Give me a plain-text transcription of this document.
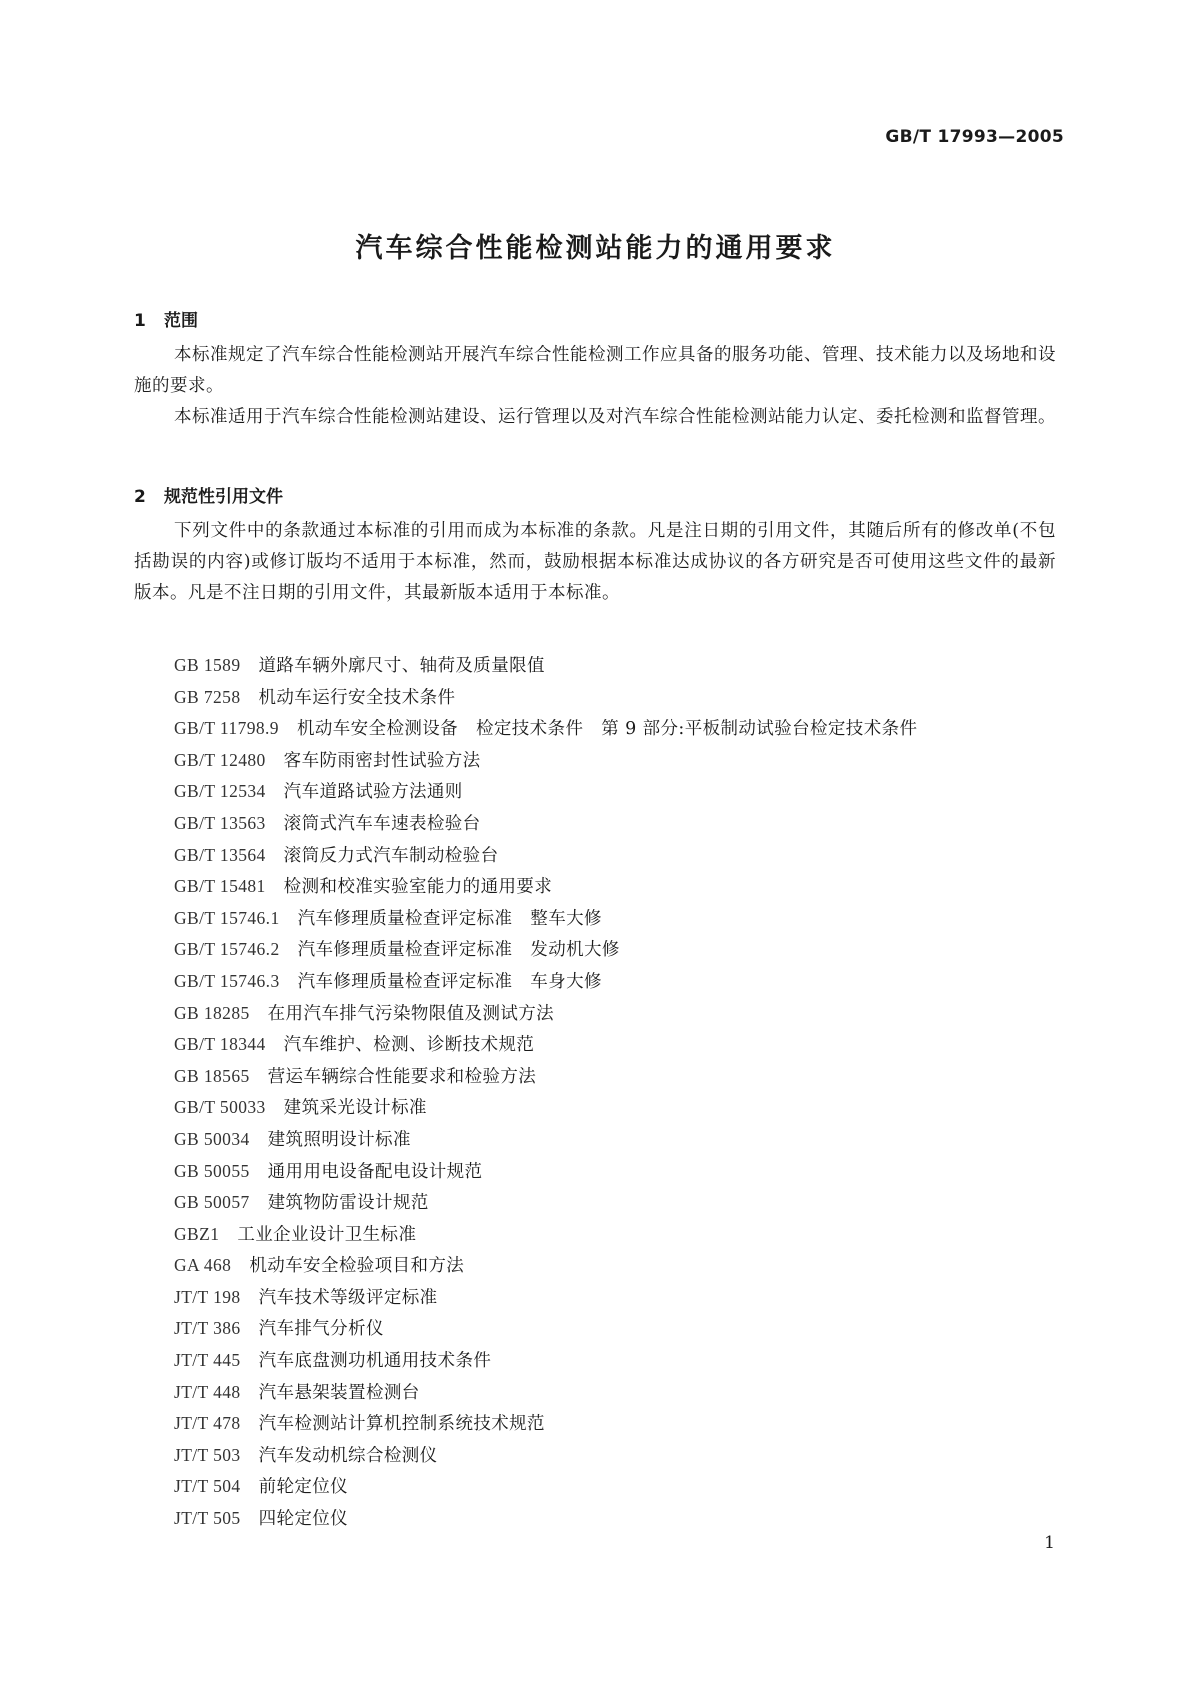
GB/T 17993—2005
汽车综合性能检测站能力的通用要求
1 范围

本标准规定了汽车综合性能检测站开展汽车综合性能检测工作应具备的服务功能、管理、技术能力以及场地和设施的要求。

本标准适用于汽车综合性能检测站建设、运行管理以及对汽车综合性能检测站能力认定、委托检测和监督管理。

2 规范性引用文件

下列文件中的条款通过本标准的引用而成为本标准的条款。凡是注日期的引用文件，其随后所有的修改单(不包括勘误的内容)或修订版均不适用于本标准，然而，鼓励根据本标准达成协议的各方研究是否可使用这些文件的最新版本。凡是不注日期的引用文件，其最新版本适用于本标准。

GB 1589 道路车辆外廓尺寸、轴荷及质量限值
GB 7258 机动车运行安全技术条件
GB/T 11798.9 机动车安全检测设备　检定技术条件　第 9 部分:平板制动试验台检定技术条件
GB/T 12480 客车防雨密封性试验方法
GB/T 12534 汽车道路试验方法通则
GB/T 13563 滚筒式汽车车速表检验台
GB/T 13564 滚筒反力式汽车制动检验台
GB/T 15481 检测和校准实验室能力的通用要求
GB/T 15746.1 汽车修理质量检查评定标准　整车大修
GB/T 15746.2 汽车修理质量检查评定标准　发动机大修
GB/T 15746.3 汽车修理质量检查评定标准　车身大修
GB 18285 在用汽车排气污染物限值及测试方法
GB/T 18344 汽车维护、检测、诊断技术规范
GB 18565 营运车辆综合性能要求和检验方法
GB/T 50033 建筑采光设计标准
GB 50034 建筑照明设计标准
GB 50055 通用用电设备配电设计规范
GB 50057 建筑物防雷设计规范
GBZ1 工业企业设计卫生标准
GA 468 机动车安全检验项目和方法
JT/T 198 汽车技术等级评定标准
JT/T 386 汽车排气分析仪
JT/T 445 汽车底盘测功机通用技术条件
JT/T 448 汽车悬架装置检测台
JT/T 478 汽车检测站计算机控制系统技术规范
JT/T 503 汽车发动机综合检测仪
JT/T 504 前轮定位仪
JT/T 505 四轮定位仪
1
